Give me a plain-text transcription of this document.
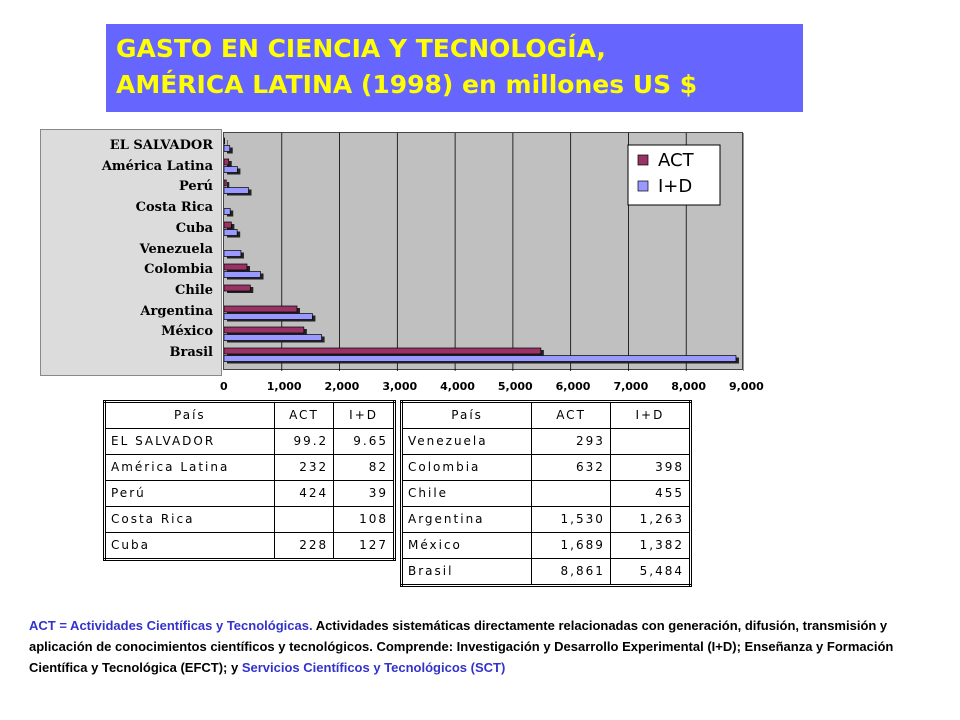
GASTO EN CIENCIA Y TECNOLOGÍA,
AMÉRICA LATINA (1998) en millones US $
EL SALVADOR
América Latina
Perú
Costa Rica
Cuba
Venezuela
Colombia
Chile
Argentina
México
Brasil
ACT
I+D
0	1,000 2,000 3,000 4,000 5,000 6,000 7,000 8,000 9,000
País	ACT	I+D
EL SALVADOR	99.2	9.65
América Latina	232	82
Perú	424	39
Costa Rica		108
Cuba	228	127
País	ACT	I+D
Venezuela	293	
Colombia	632	398
Chile		455
Argentina	1,530	1,263
México	1,689	1,382
Brasil	8,861	5,484
ACT = Actividades Científicas y Tecnológicas. Actividades sistemáticas directamente relacionadas con generación, difusión, transmisión y aplicación de conocimientos científicos y tecnológicos. Comprende: Investigación y Desarrollo Experimental (I+D); Enseñanza y Formación Científica y Tecnológica (EFCT); y Servicios Científicos y Tecnológicos (SCT)
